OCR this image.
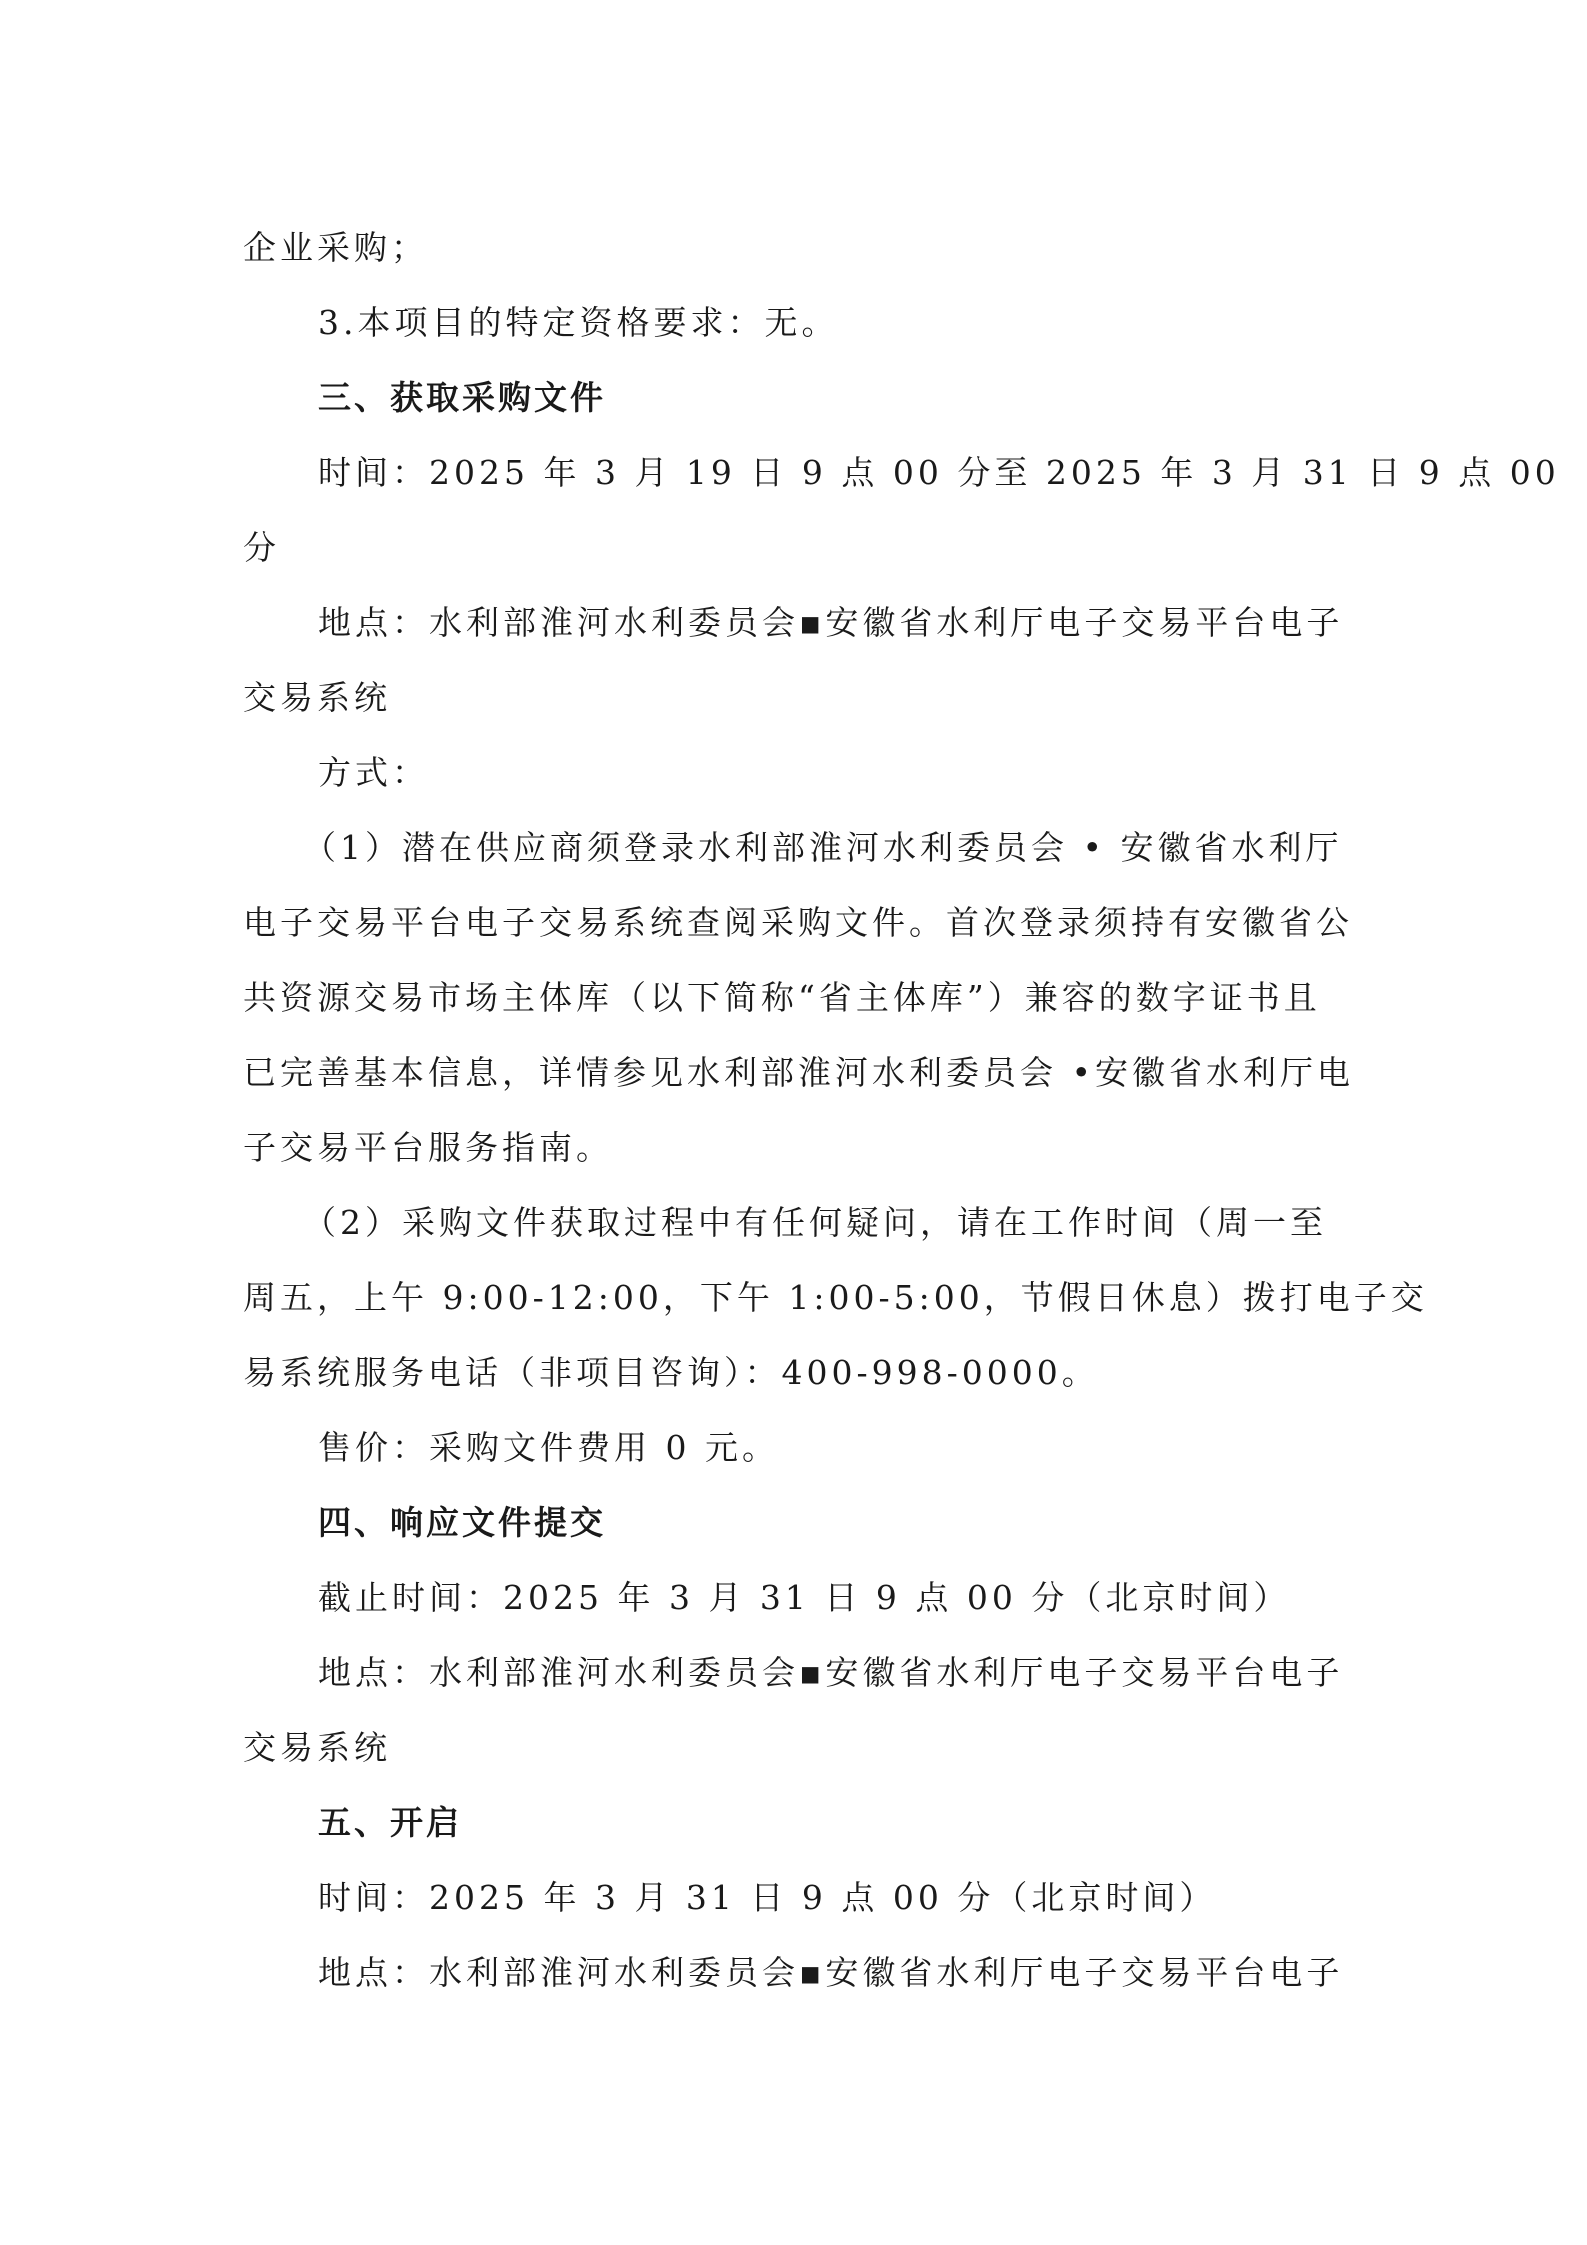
企业采购；
3.本项目的特定资格要求：无。
三、获取采购文件
时间：2025 年 3 月 19 日 9 点 00 分至 2025 年 3 月 31 日 9 点 00
分
地点：水利部淮河水利委员会▪安徽省水利厅电子交易平台电子
交易系统
方式：
（1）潜在供应商须登录水利部淮河水利委员会 • 安徽省水利厅
电子交易平台电子交易系统查阅采购文件。首次登录须持有安徽省公
共资源交易市场主体库（以下简称“省主体库”）兼容的数字证书且
已完善基本信息，详情参见水利部淮河水利委员会 •安徽省水利厅电
子交易平台服务指南。
（2）采购文件获取过程中有任何疑问，请在工作时间（周一至
周五，上午 9:00-12:00，下午 1:00-5:00，节假日休息）拨打电子交
易系统服务电话（非项目咨询）：400-998-0000。
售价：采购文件费用 0 元。
四、响应文件提交
截止时间：2025 年 3 月 31 日 9 点 00 分（北京时间）
地点：水利部淮河水利委员会▪安徽省水利厅电子交易平台电子
交易系统
五、开启
时间：2025 年 3 月 31 日 9 点 00 分（北京时间）
地点：水利部淮河水利委员会▪安徽省水利厅电子交易平台电子
